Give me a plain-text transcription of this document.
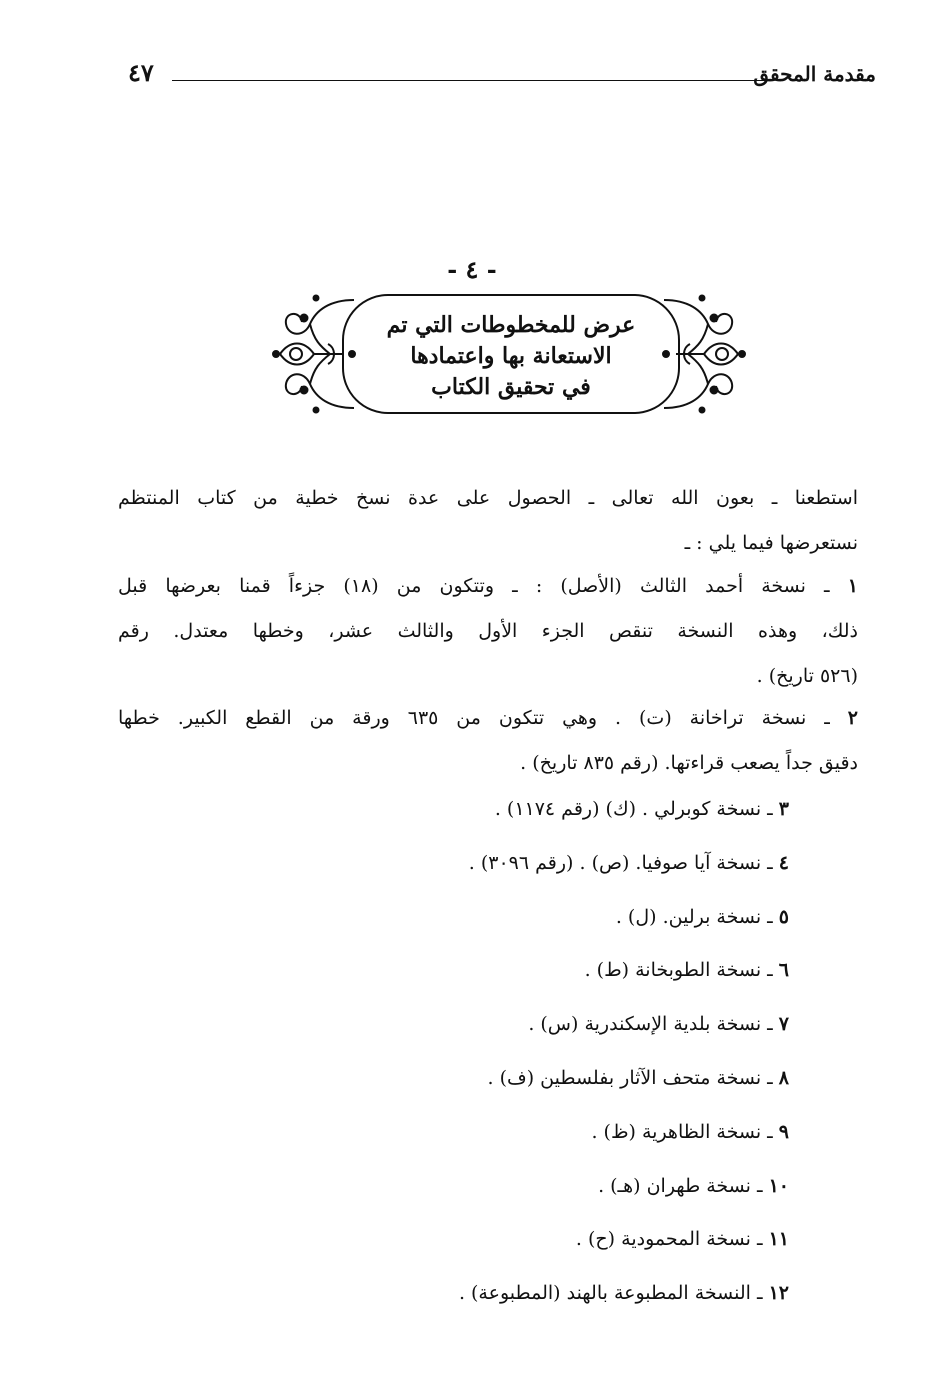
٤٧	مقدمة المحقق
- ٤ -
عرض للمخطوطات التي تم
الاستعانة بها واعتمادها
في تحقيق الكتاب
استطعنا ـ بعون الله تعالى ـ الحصول على عدة نسخ خطية من كتاب المنتظم
نستعرضها فيما يلي : ـ
١ ـ نسخة أحمد الثالث (الأصل) : ـ وتتكون من (١٨) جزءاً قمنا بعرضها قبل
ذلك، وهذه النسخة تنقص الجزء الأول والثالث عشر، وخطها معتدل. رقم
(٥٢٦ تاريخ) .
٢ ـ نسخة تراخانة (ت) . وهي تتكون من ٦٣٥ ورقة من القطع الكبير. خطها
دقيق جداً يصعب قراءتها. (رقم ٨٣٥ تاريخ) .
٣ ـ نسخة كوبرلي . (ك) (رقم ١١٧٤) .
٤ ـ نسخة آيا صوفيا. (ص) . (رقم ٣٠٩٦) .
٥ ـ نسخة برلين. (ل) .
٦ ـ نسخة الطوبخانة (ط) .
٧ ـ نسخة بلدية الإسكندرية (س) .
٨ ـ نسخة متحف الآثار بفلسطين (ف) .
٩ ـ نسخة الظاهرية (ظ) .
١٠ ـ نسخة طهران (هـ) .
١١ ـ نسخة المحمودية (ح) .
١٢ ـ النسخة المطبوعة بالهند (المطبوعة) .
